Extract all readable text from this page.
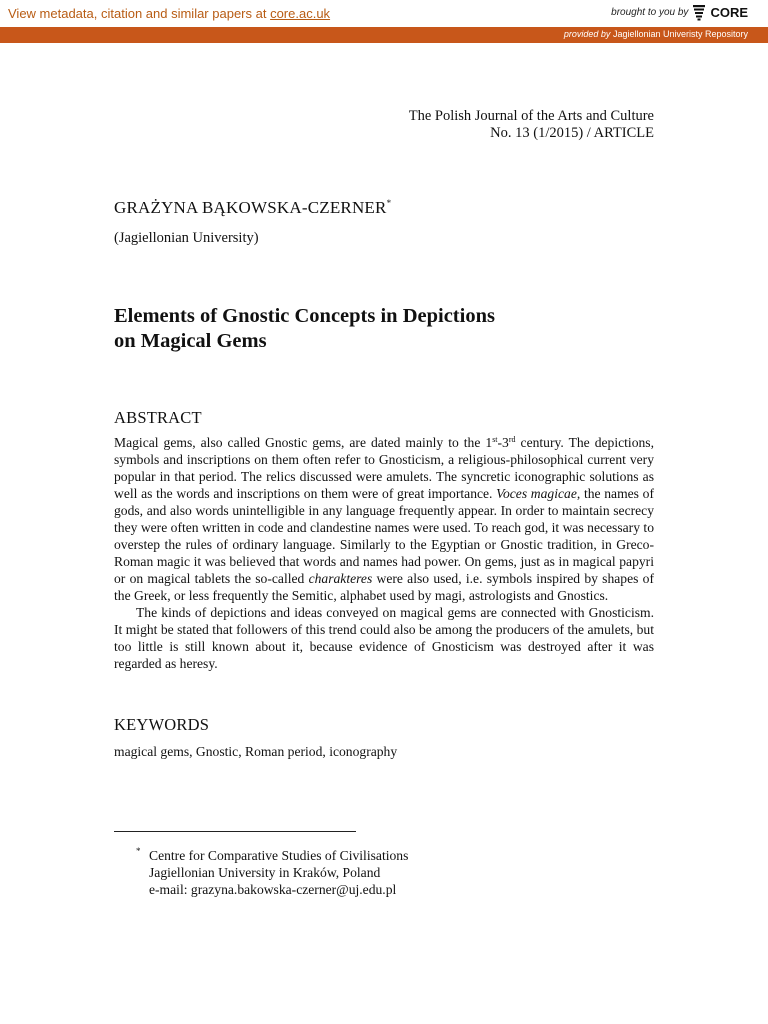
View metadata, citation and similar papers at core.ac.uk	brought to you by CORE
provided by Jagiellonian Univeristy Repository
The Polish Journal of the Arts and Culture
No. 13 (1/2015) / ARTICLE
GRAŻYNA BĄKOWSKA-CZERNER*
(Jagiellonian University)
Elements of Gnostic Concepts in Depictions
on Magical Gems
ABSTRACT

Magical gems, also called Gnostic gems, are dated mainly to the 1st-3rd century. The depictions, symbols and inscriptions on them often refer to Gnosticism, a religious-philosophical current very popular in that period. The relics discussed were amulets. The syncretic iconographic solutions as well as the words and inscriptions on them were of great importance. Voces magicae, the names of gods, and also words unintelligible in any language frequently appear. In order to maintain secrecy they were often written in code and clandestine names were used. To reach god, it was necessary to overstep the rules of ordinary language. Similarly to the Egyptian or Gnostic tradition, in Greco-Roman magic it was believed that words and names had power. On gems, just as in magical papyri or on magical tablets the so-called charakteres were also used, i.e. symbols inspired by shapes of the Greek, or less frequently the Semitic, alphabet used by magi, astrologists and Gnostics.

The kinds of depictions and ideas conveyed on magical gems are connected with Gnosticism. It might be stated that followers of this trend could also be among the producers of the amulets, but too little is still known about it, because evidence of Gnosticism was destroyed after it was regarded as heresy.

KEYWORDS
magical gems, Gnostic, Roman period, iconography
* Centre for Comparative Studies of Civilisations
Jagiellonian University in Kraków, Poland
e-mail: grazyna.bakowska-czerner@uj.edu.pl
